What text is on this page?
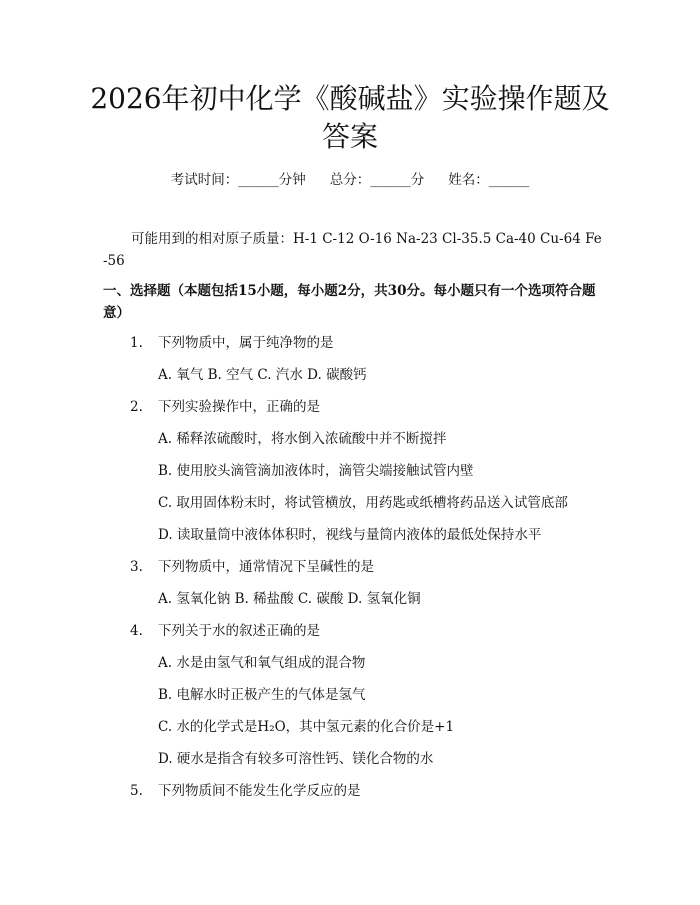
2026年初中化学《酸碱盐》实验操作题及答案
考试时间：______分钟 总分：______分 姓名：______
可能用到的相对原子质量：H-1 C-12 O-16 Na-23 Cl-35.5 Ca-40 Cu-64 Fe-56
一、选择题（本题包括15小题，每小题2分，共30分。每小题只有一个选项符合题意）
1. 下列物质中，属于纯净物的是
A. 氧气 B. 空气 C. 汽水 D. 碳酸钙
2. 下列实验操作中，正确的是
A. 稀释浓硫酸时，将水倒入浓硫酸中并不断搅拌
B. 使用胶头滴管滴加液体时，滴管尖端接触试管内壁
C. 取用固体粉末时，将试管横放，用药匙或纸槽将药品送入试管底部
D. 读取量筒中液体体积时，视线与量筒内液体的最低处保持水平
3. 下列物质中，通常情况下呈碱性的是
A. 氢氧化钠 B. 稀盐酸 C. 碳酸 D. 氢氧化铜
4. 下列关于水的叙述正确的是
A. 水是由氢气和氧气组成的混合物
B. 电解水时正极产生的气体是氢气
C. 水的化学式是H₂O，其中氢元素的化合价是+1
D. 硬水是指含有较多可溶性钙、镁化合物的水
5. 下列物质间不能发生化学反应的是
